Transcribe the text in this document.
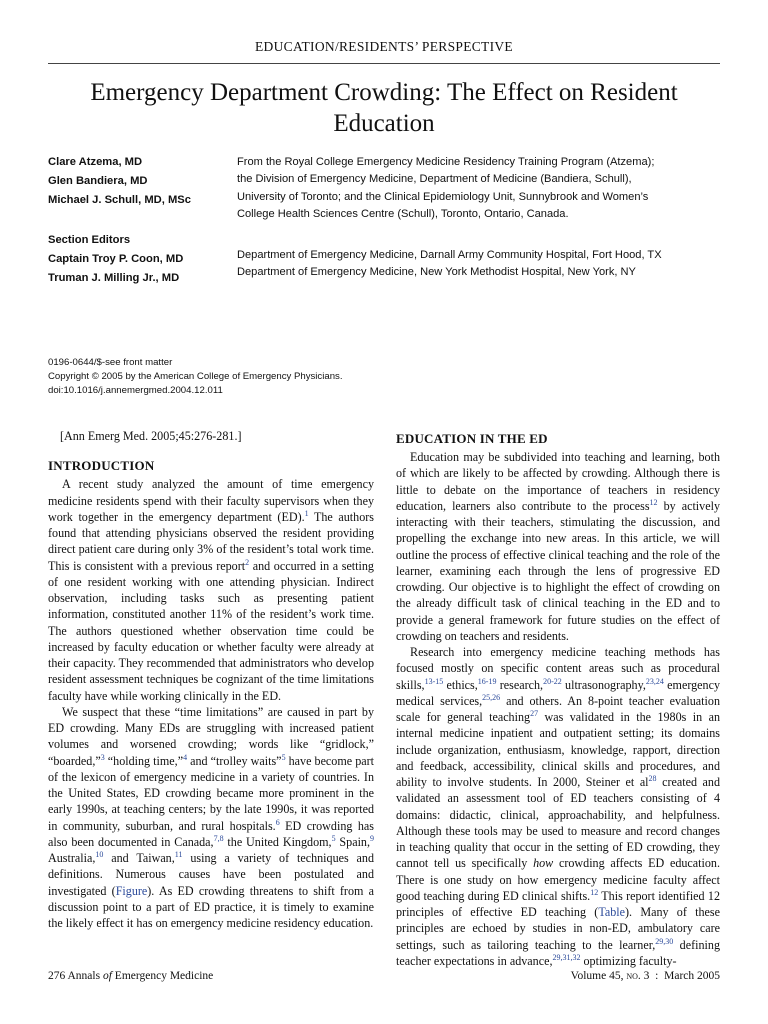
EDUCATION/RESIDENTS’ PERSPECTIVE
Emergency Department Crowding: The Effect on Resident Education
Clare Atzema, MD
Glen Bandiera, MD
Michael J. Schull, MD, MSc
From the Royal College Emergency Medicine Residency Training Program (Atzema);
the Division of Emergency Medicine, Department of Medicine (Bandiera, Schull),
University of Toronto; and the Clinical Epidemiology Unit, Sunnybrook and Women’s
College Health Sciences Centre (Schull), Toronto, Ontario, Canada.
Section Editors
Captain Troy P. Coon, MD
Truman J. Milling Jr., MD
Department of Emergency Medicine, Darnall Army Community Hospital, Fort Hood, TX
Department of Emergency Medicine, New York Methodist Hospital, New York, NY
0196-0644/$-see front matter
Copyright © 2005 by the American College of Emergency Physicians.
doi:10.1016/j.annemergmed.2004.12.011

[Ann Emerg Med. 2005;45:276-281.]

INTRODUCTION

A recent study analyzed the amount of time emergency medicine residents spend with their faculty supervisors when they work together in the emergency department (ED).$^1$ The authors found that attending physicians observed the resident providing direct patient care during only 3% of the resident’s total work time. This is consistent with a previous report$^2$ and occurred in a setting of one resident working with one attending physician. Indirect observation, including tasks such as presenting patient information, constituted another 11% of the resident’s work time. The authors questioned whether observation time could be increased by faculty education or whether faculty were already at their capacity. They recommended that administrators who develop resident assessment techniques be cognizant of the time limitations faculty have while working clinically in the ED.

We suspect that these “time limitations” are caused in part by ED crowding. Many EDs are struggling with increased patient volumes and worsened crowding; words like “gridlock,” “boarded,”$^3$ “holding time,”$^4$ and “trolley waits”$^5$ have become part of the lexicon of emergency medicine in a variety of countries. In the United States, ED crowding became more prominent in the early 1990s, at teaching centers; by the late 1990s, it was reported in community, suburban, and rural hospitals.$^6$ ED crowding has also been documented in Canada,$^{7,8}$ the United Kingdom,$^5$ Spain,$^9$ Australia,$^{10}$ and Taiwan,$^{11}$ using a variety of techniques and definitions. Numerous causes have been postulated and investigated (Figure). As ED crowding threatens to shift from a discussion point to a part of ED practice, it is timely to examine the likely effect it has on emergency medicine residency education.

EDUCATION IN THE ED

Education may be subdivided into teaching and learning, both of which are likely to be affected by crowding. Although there is little to debate on the importance of teachers in residency education, learners also contribute to the process$^{12}$ by actively interacting with their teachers, stimulating the discussion, and propelling the exchange into new areas. In this article, we will outline the process of effective clinical teaching and the role of the learner, examining each through the lens of progressive ED crowding. Our objective is to highlight the effect of crowding on the already difficult task of clinical teaching in the ED and to provide a general framework for future studies on the effect of crowding on teachers and residents.

Research into emergency medicine teaching methods has focused mostly on specific content areas such as procedural skills,$^{13-15}$ ethics,$^{16-19}$ research,$^{20-22}$ ultrasonography,$^{23,24}$ emergency medical services,$^{25,26}$ and others. An 8-point teacher evaluation scale for general teaching$^{27}$ was validated in the 1980s in an internal medicine inpatient and outpatient setting; its domains include organization, enthusiasm, knowledge, rapport, direction and feedback, accessibility, clinical skills and procedures, and ability to involve students. In 2000, Steiner et $al^{28}$ created and validated an assessment tool of ED teachers consisting of 4 domains: didactic, clinical, approachability, and helpfulness. Although these tools may be used to measure and record changes in teaching quality that occur in the setting of ED crowding, they cannot tell us specifically how crowding affects ED education. There is one study on how emergency medicine faculty affect good teaching during ED clinical shifts.$^{12}$ This report identified 12 principles of effective ED teaching (Table). Many of these principles are echoed by studies in non-ED, ambulatory care settings, such as tailoring teaching to the learner,$^{29,30}$ defining teacher expectations in advance,$^{29,31,32}$ optimizing faculty-

276 Annals of Emergency Medicine	Volume 45, no. 3 : March 2005
